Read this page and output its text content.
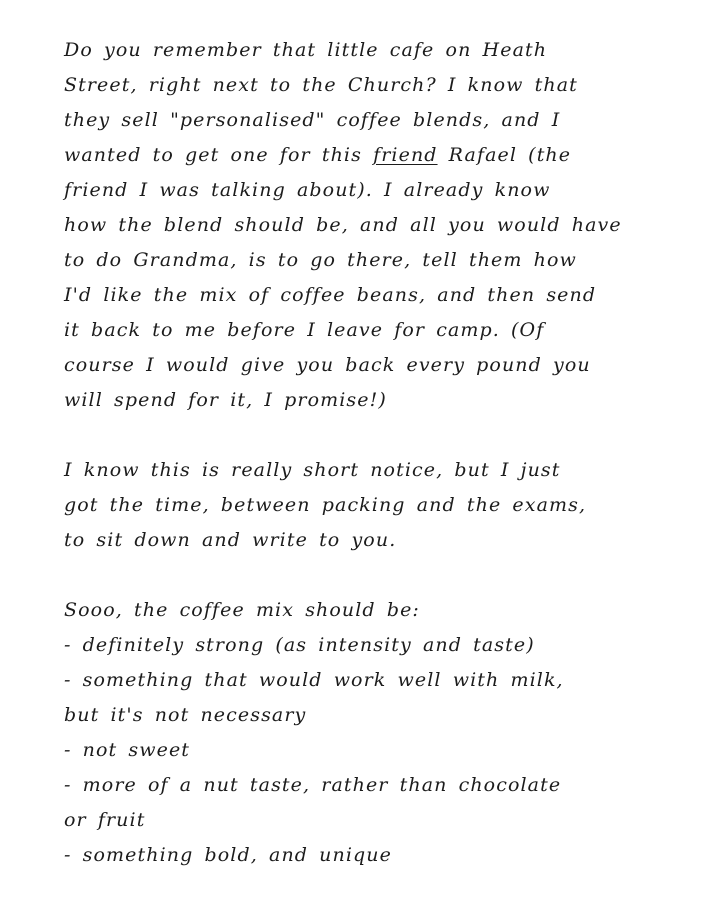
Do you remember that little cafe on Heath
Street, right next to the Church? I know that
they sell "personalised" coffee blends, and I
wanted to get one for this friend Rafael (the
friend I was talking about). I already know
how the blend should be, and all you would have
to do Grandma, is to go there, tell them how
I'd like the mix of coffee beans, and then send
it back to me before I leave for camp. (Of
course I would give you back every pound you
will spend for it, I promise!)
I know this is really short notice, but I just
got the time, between packing and the exams,
to sit down and write to you.
Sooo, the coffee mix should be:
- definitely strong (as intensity and taste)
- something that would work well with milk,
but it's not necessary
- not sweet
- more of a nut taste, rather than chocolate
or fruit
- something bold, and unique
